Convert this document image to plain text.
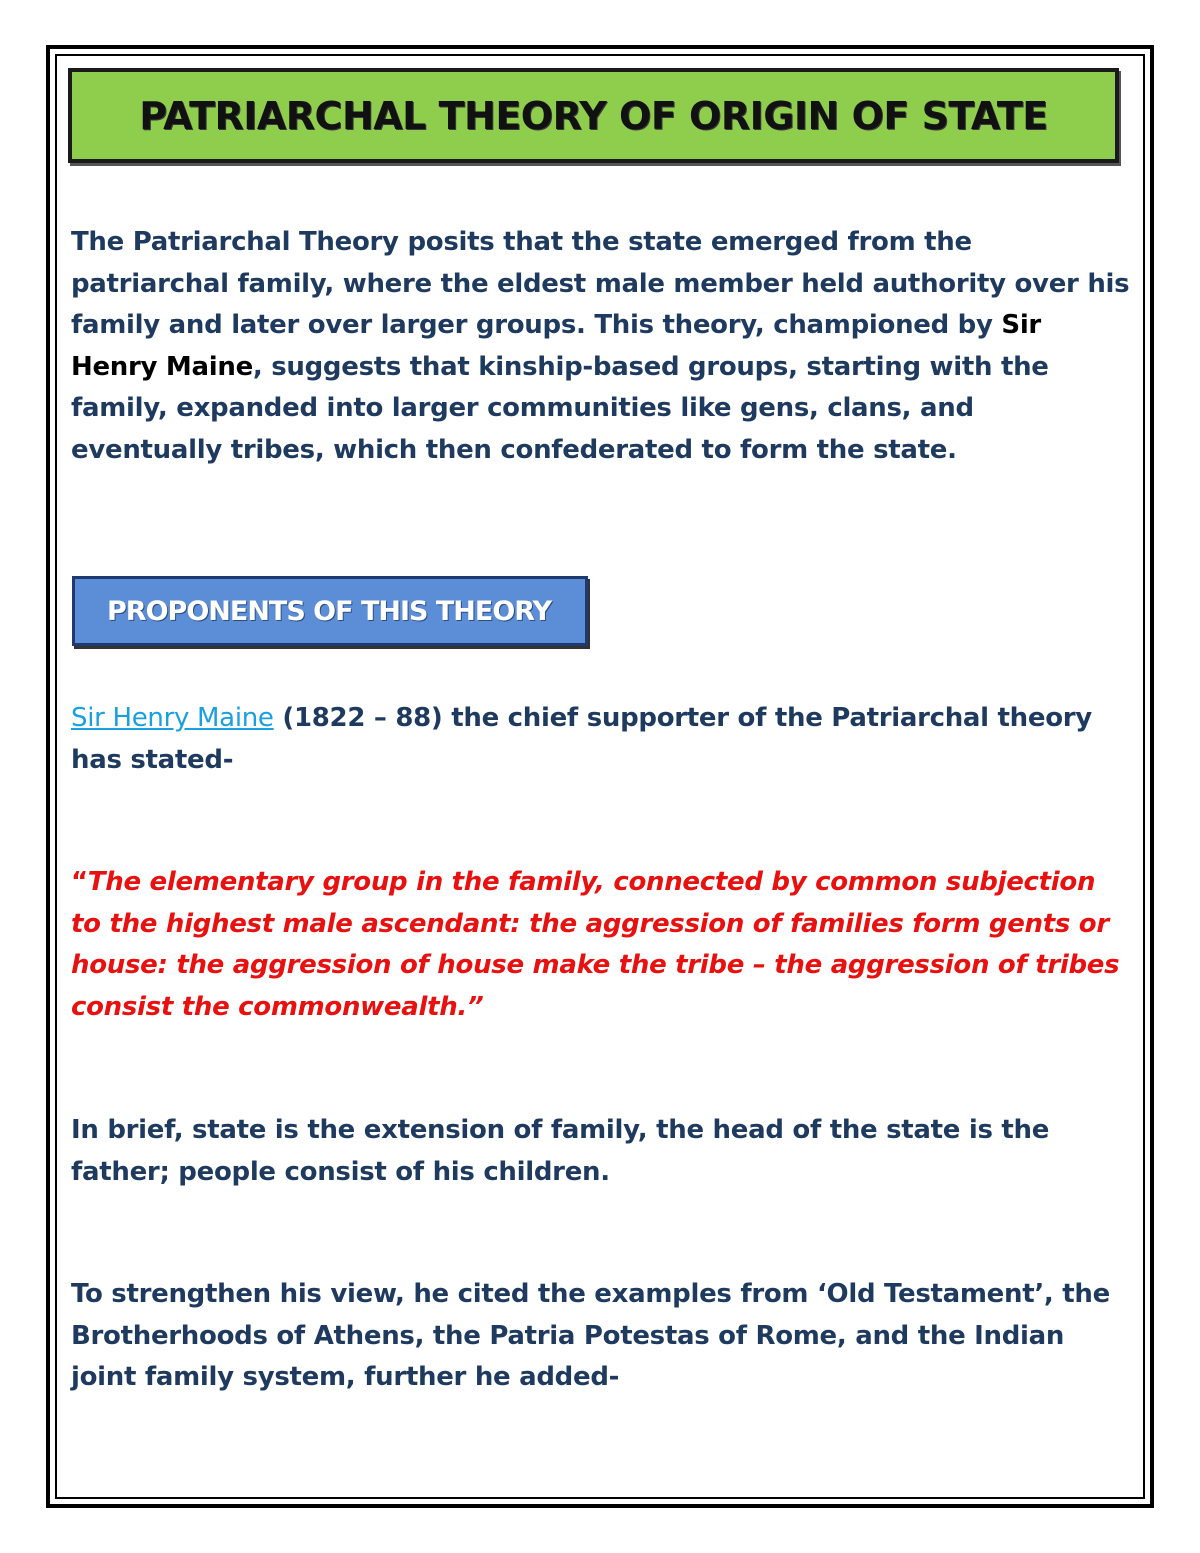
PATRIARCHAL THEORY OF ORIGIN OF STATE

The Patriarchal Theory posits that the state emerged from the patriarchal family, where the eldest male member held authority over his family and later over larger groups. This theory, championed by Sir Henry Maine, suggests that kinship-based groups, starting with the family, expanded into larger communities like gens, clans, and eventually tribes, which then confederated to form the state.

PROPONENTS OF THIS THEORY

Sir Henry Maine (1822 – 88) the chief supporter of the Patriarchal theory has stated-

“The elementary group in the family, connected by common subjection to the highest male ascendant: the aggression of families form gents or house: the aggression of house make the tribe – the aggression of tribes consist the commonwealth.”

In brief, state is the extension of family, the head of the state is the father; people consist of his children.

To strengthen his view, he cited the examples from ‘Old Testament’, the Brotherhoods of Athens, the Patria Potestas of Rome, and the Indian joint family system, further he added-
